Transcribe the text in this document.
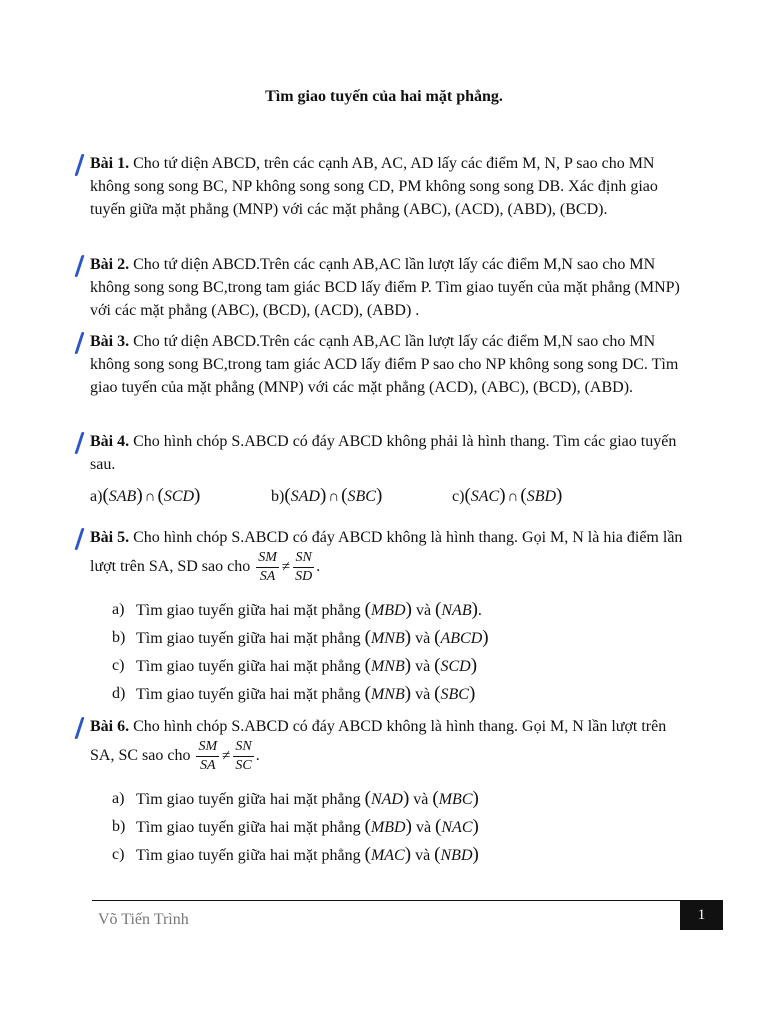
Tìm giao tuyến của hai mặt phẳng.

Bài 1. Cho tứ diện ABCD, trên các cạnh AB, AC, AD lấy các điểm M, N, P sao cho MN không song song BC, NP không song song CD, PM không song song DB. Xác định giao tuyến giữa mặt phẳng (MNP) với các mặt phẳng (ABC), (ACD), (ABD), (BCD).

Bài 2. Cho tứ diện ABCD.Trên các cạnh AB,AC lần lượt lấy các điểm M,N sao cho MN không song song BC,trong tam giác BCD lấy điểm P. Tìm giao tuyến của mặt phẳng (MNP) với các mặt phẳng (ABC), (BCD), (ACD), (ABD) .

Bài 3. Cho tứ diện ABCD.Trên các cạnh AB,AC lần lượt lấy các điểm M,N sao cho MN không song song BC,trong tam giác ACD lấy điểm P sao cho NP không song song DC. Tìm giao tuyến của mặt phẳng (MNP) với các mặt phẳng (ACD), (ABC), (BCD), (ABD).

Bài 4. Cho hình chóp S.ABCD có đáy ABCD không phải là hình thang. Tìm các giao tuyến sau.

a)(SAB) ∩ (SCD)	b)(SAD) ∩ (SBC)	c)(SAC) ∩ (SBD)

Bài 5. Cho hình chóp S.ABCD có đáy ABCD không là hình thang. Gọi M, N là hia điểm lần lượt trên SA, SD sao cho $\frac{SM}{SA} \ne \frac{SN}{SD}$ .

a) Tìm giao tuyến giữa hai mặt phẳng (MBD) và (NAB).
b) Tìm giao tuyến giữa hai mặt phẳng (MNB) và (ABCD)
c) Tìm giao tuyến giữa hai mặt phẳng (MNB) và (SCD)
d) Tìm giao tuyến giữa hai mặt phẳng (MNB) và (SBC)

Bài 6. Cho hình chóp S.ABCD có đáy ABCD không là hình thang. Gọi M, N lần lượt trên SA, SC sao cho $\frac{SM}{SA} \ne \frac{SN}{SC}$ .

a) Tìm giao tuyến giữa hai mặt phẳng (NAD) và (MBC)
b) Tìm giao tuyến giữa hai mặt phẳng (MBD) và (NAC)
c) Tìm giao tuyến giữa hai mặt phẳng (MAC) và (NBD)
Võ Tiến Trình	1
